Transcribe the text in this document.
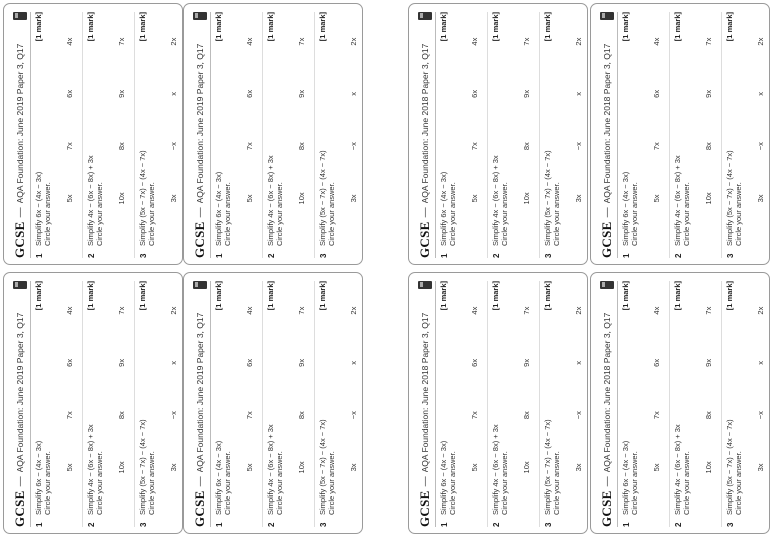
GCSE
—
AQA Foundation: June 2019 Paper 3, Q17
1
Simplify 6x − (4x − 3x) Circle your answer.
[1 mark]
5x
7x
6x
4x
2
Simplify 4x − (6x − 8x) + 3x Circle your answer.
[1 mark]
10x
8x
9x
7x
3
Simplify (5x − 7x) − (4x − 7x) Circle your answer.
[1 mark]
3x
−x
x
2x
GCSE
—
AQA Foundation: June 2019 Paper 3, Q17
1
Simplify 6x − (4x − 3x) Circle your answer.
[1 mark]
5x
7x
6x
4x
2
Simplify 4x − (6x − 8x) + 3x Circle your answer.
[1 mark]
10x
8x
9x
7x
3
Simplify (5x − 7x) − (4x − 7x) Circle your answer.
[1 mark]
3x
−x
x
2x
GCSE
—
AQA Foundation: June 2018 Paper 3, Q17
1
Simplify 6x − (4x − 3x) Circle your answer.
[1 mark]
5x
7x
6x
4x
2
Simplify 4x − (6x − 8x) + 3x Circle your answer.
[1 mark]
10x
8x
9x
7x
3
Simplify (5x − 7x) − (4x − 7x) Circle your answer.
[1 mark]
3x
−x
x
2x
GCSE
—
AQA Foundation: June 2018 Paper 3, Q17
1
Simplify 6x − (4x − 3x) Circle your answer.
[1 mark]
5x
7x
6x
4x
2
Simplify 4x − (6x − 8x) + 3x Circle your answer.
[1 mark]
10x
8x
9x
7x
3
Simplify (5x − 7x) − (4x − 7x) Circle your answer.
[1 mark]
3x
−x
x
2x
GCSE
—
AQA Foundation: June 2019 Paper 3, Q17
1
Simplify 6x − (4x − 3x) Circle your answer.
[1 mark]
5x
7x
6x
4x
2
Simplify 4x − (6x − 8x) + 3x Circle your answer.
[1 mark]
10x
8x
9x
7x
3
Simplify (5x − 7x) − (4x − 7x) Circle your answer.
[1 mark]
3x
−x
x
2x
GCSE
—
AQA Foundation: June 2019 Paper 3, Q17
1
Simplify 6x − (4x − 3x) Circle your answer.
[1 mark]
5x
7x
6x
4x
2
Simplify 4x − (6x − 8x) + 3x Circle your answer.
[1 mark]
10x
8x
9x
7x
3
Simplify (5x − 7x) − (4x − 7x) Circle your answer.
[1 mark]
3x
−x
x
2x
GCSE
—
AQA Foundation: June 2018 Paper 3, Q17
1
Simplify 6x − (4x − 3x) Circle your answer.
[1 mark]
5x
7x
6x
4x
2
Simplify 4x − (6x − 8x) + 3x Circle your answer.
[1 mark]
10x
8x
9x
7x
3
Simplify (5x − 7x) − (4x − 7x) Circle your answer.
[1 mark]
3x
−x
x
2x
GCSE
—
AQA Foundation: June 2018 Paper 3, Q17
1
Simplify 6x − (4x − 3x) Circle your answer.
[1 mark]
5x
7x
6x
4x
2
Simplify 4x − (6x − 8x) + 3x Circle your answer.
[1 mark]
10x
8x
9x
7x
3
Simplify (5x − 7x) − (4x − 7x) Circle your answer.
[1 mark]
3x
−x
x
2x
